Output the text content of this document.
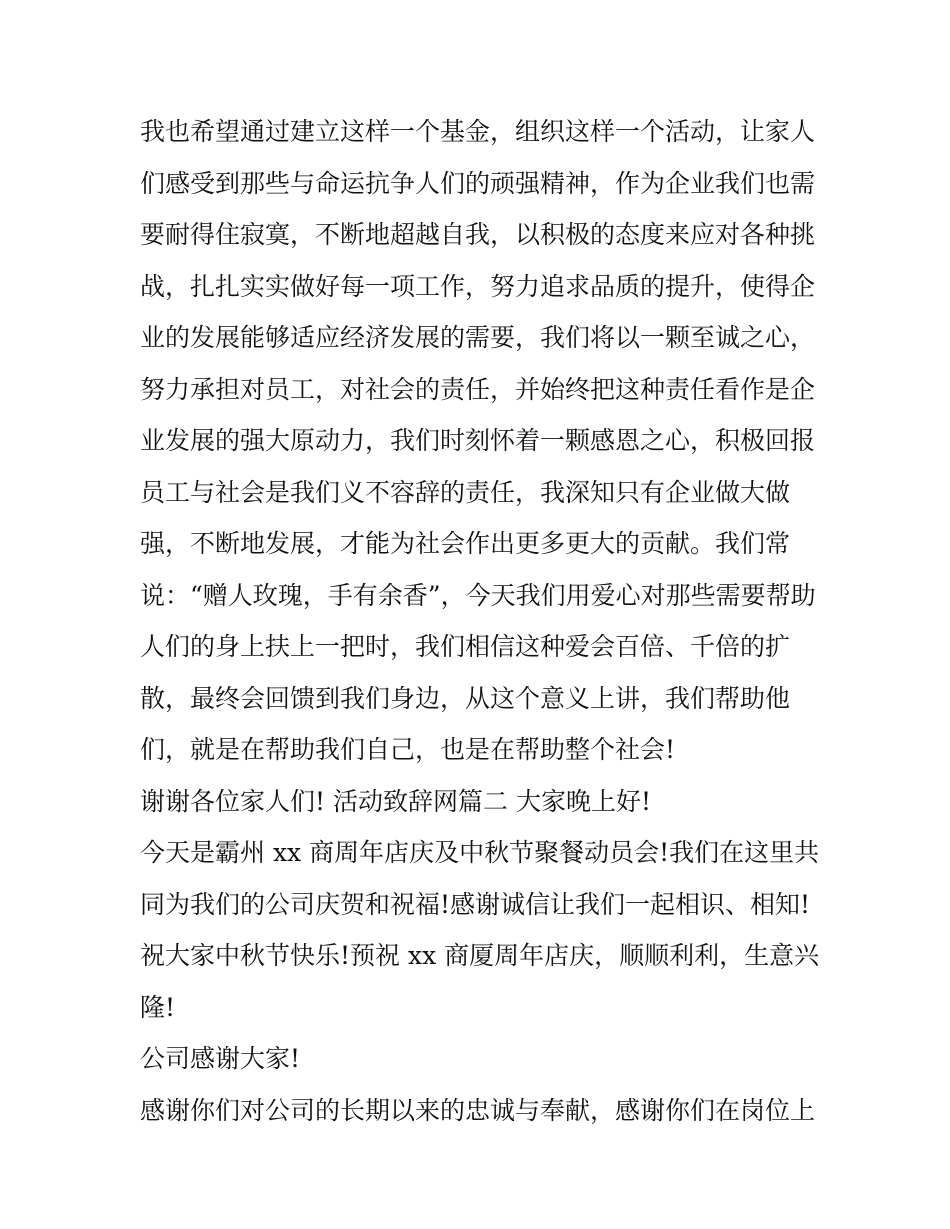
我也希望通过建立这样一个基金，组织这样一个活动，让家人
们感受到那些与命运抗争人们的顽强精神，作为企业我们也需
要耐得住寂寞，不断地超越自我，以积极的态度来应对各种挑
战，扎扎实实做好每一项工作，努力追求品质的提升，使得企
业的发展能够适应经济发展的需要，我们将以一颗至诚之心，
努力承担对员工，对社会的责任，并始终把这种责任看作是企
业发展的强大原动力，我们时刻怀着一颗感恩之心，积极回报
员工与社会是我们义不容辞的责任，我深知只有企业做大做
强，不断地发展，才能为社会作出更多更大的贡献。我们常
说：“赠人玫瑰，手有余香”，今天我们用爱心对那些需要帮助
人们的身上扶上一把时，我们相信这种爱会百倍、千倍的扩
散，最终会回馈到我们身边，从这个意义上讲，我们帮助他
们，就是在帮助我们自己，也是在帮助整个社会!
谢谢各位家人们! 活动致辞网篇二 大家晚上好!
今天是霸州 xx 商周年店庆及中秋节聚餐动员会!我们在这里共
同为我们的公司庆贺和祝福!感谢诚信让我们一起相识、相知!
祝大家中秋节快乐!预祝 xx 商厦周年店庆，顺顺利利，生意兴
隆!
公司感谢大家!
感谢你们对公司的长期以来的忠诚与奉献，感谢你们在岗位上
